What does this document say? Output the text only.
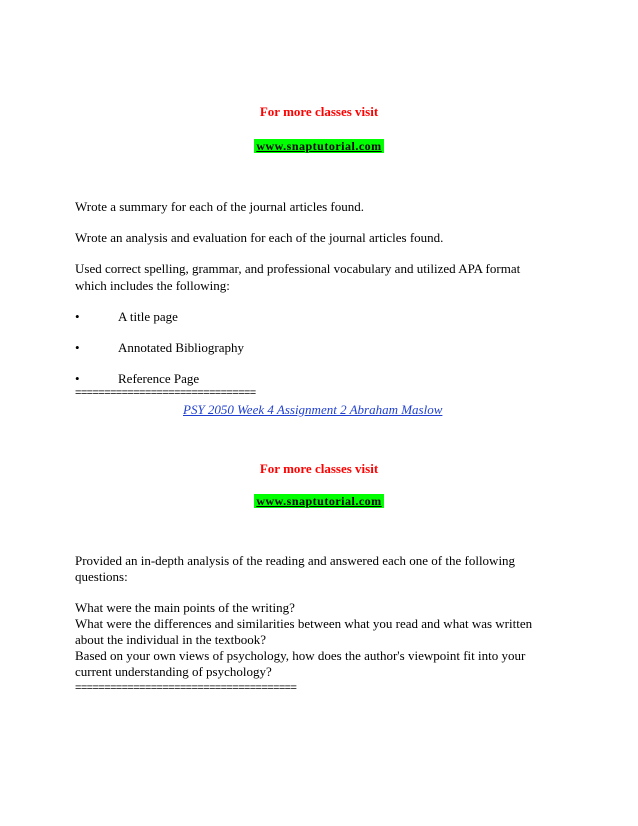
For more classes visit
www.snaptutorial.com
Wrote a summary for each of the journal articles found.
Wrote an analysis and evaluation for each of the journal articles found.
Used correct spelling, grammar, and professional vocabulary and utilized APA format
which includes the following:
•	A title page
•	Annotated Bibliography
•	Reference Page
===============================
PSY 2050 Week 4 Assignment 2 Abraham Maslow
For more classes visit
www.snaptutorial.com
Provided an in-depth analysis of the reading and answered each one of the following
questions:
What were the main points of the writing?
What were the differences and similarities between what you read and what was written
about the individual in the textbook?
Based on your own views of psychology, how does the author's viewpoint fit into your
current understanding of psychology?
======================================
